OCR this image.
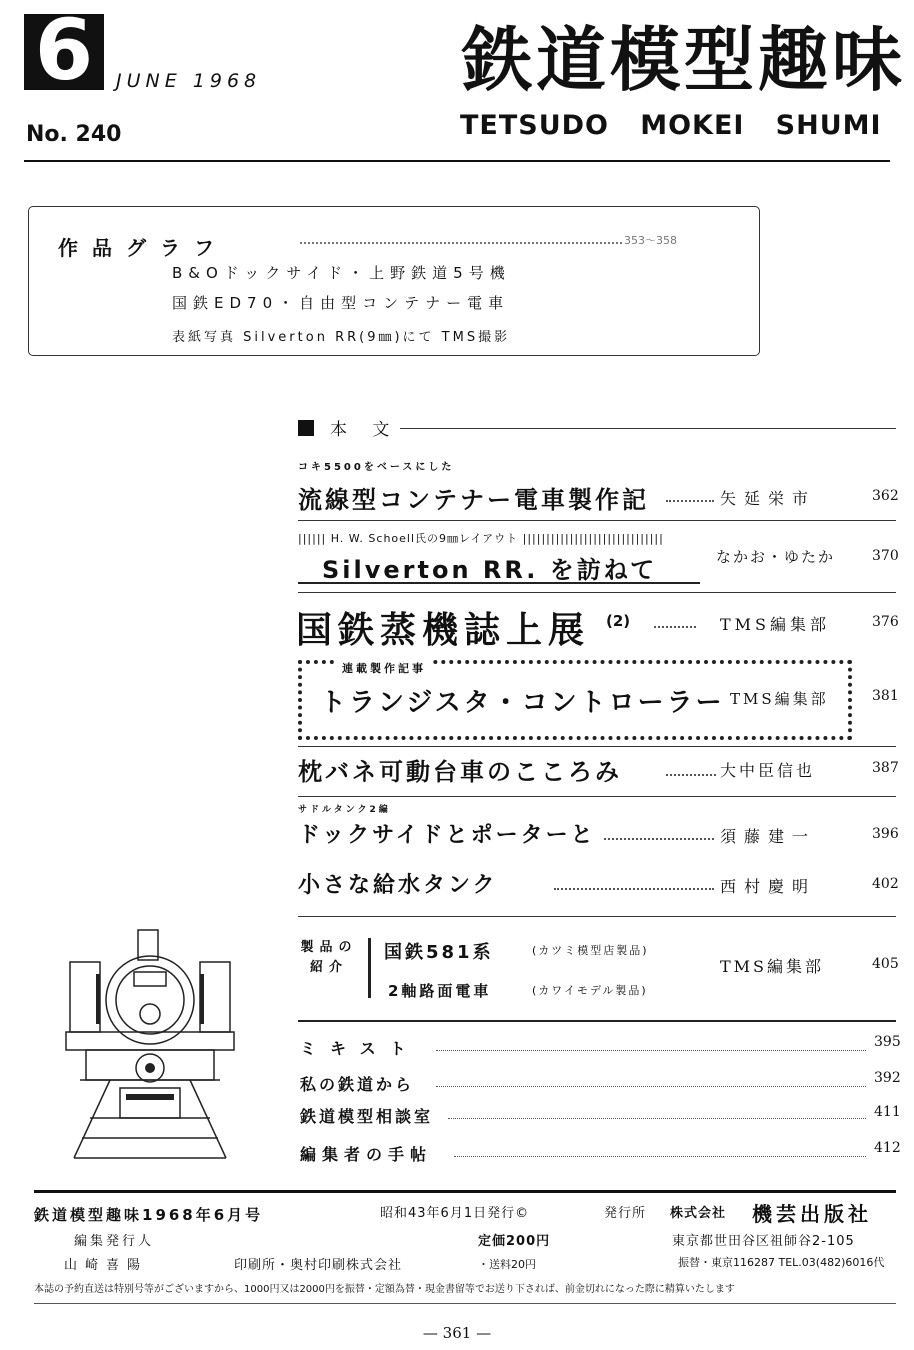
6	JUNE 1968
No. 240
鉄道模型趣味
TETSUDO   MOKEI   SHUMI
作品グラフ	353〜358
B&Oドックサイド・上野鉄道5号機
国鉄ED70・自由型コンテナー電車
表紙写真 Silverton RR(9㎜)にて TMS撮影
本 文
コキ5500をベースにした
流線型コンテナー電車製作記	矢延栄市	362
|||||| H. W. Schoell氏の9㎜レイアウト ||||||||||||||||||||||||||||||
Silverton RR. を訪ねて	なかお・ゆたか	370
国鉄蒸機誌上展 (2)	TMS編集部	376
連載製作記事
トランジスタ・コントローラー TMS編集部	381
枕バネ可動台車のこころみ	大中臣信也	387
サドルタンク2編
ドックサイドとポーターと	須藤建一	396
小さな給水タンク	西村慶明	402
製品の紹介
国鉄581系	(カツミ模型店製品)
2軸路面電車	(カワイモデル製品)
TMS編集部	405
ミキスト	395
私の鉄道から	392
鉄道模型相談室	411
編集者の手帖	412
鉄道模型趣味1968年6月号	昭和43年6月1日発行©	発行所 株式会社 機芸出版社
編集発行人	定価200円	東京都世田谷区祖師谷2-105
山崎喜陽	印刷所・奥村印刷株式会社	・送料20円	振替・東京116287 TEL.03(482)6016代
本誌の予約直送は特別号等がございますから、1000円又は2000円を振替・定額為替・現金書留等でお送り下されば、前金切れになった際に精算いたします
— 361 —
